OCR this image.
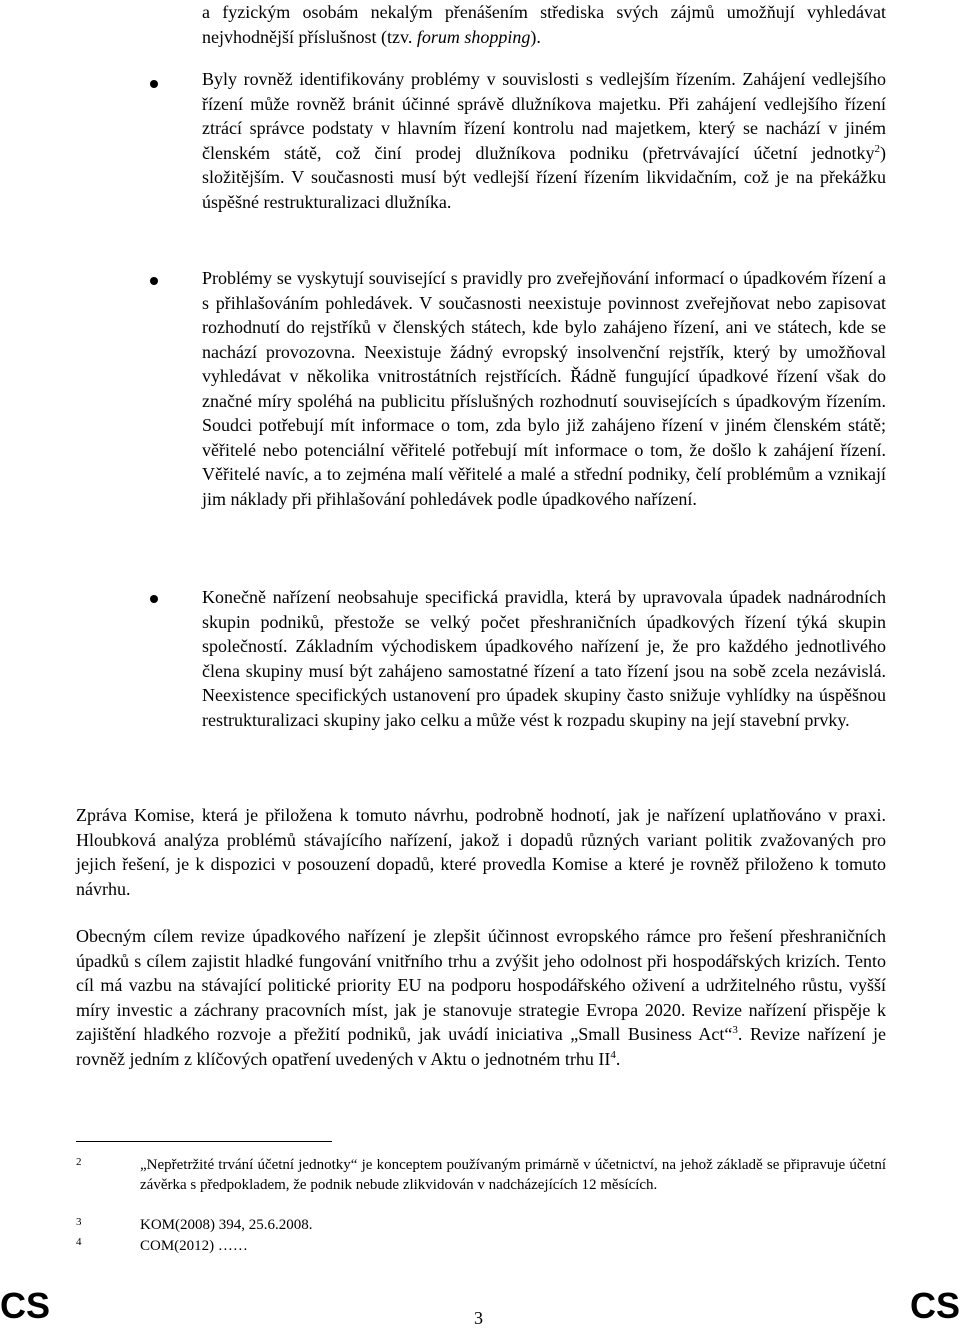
a fyzickým osobám nekalým přenášením střediska svých zájmů umožňují vyhledávat nejvhodnější příslušnost (tzv. forum shopping).

Byly rovněž identifikovány problémy v souvislosti s vedlejším řízením. Zahájení vedlejšího řízení může rovněž bránit účinné správě dlužníkova majetku. Při zahájení vedlejšího řízení ztrácí správce podstaty v hlavním řízení kontrolu nad majetkem, který se nachází v jiném členském státě, což činí prodej dlužníkova podniku (přetrvávající účetní jednotky$^2$) složitějším. V současnosti musí být vedlejší řízení řízením likvidačním, což je na překážku úspěšné restrukturalizaci dlužníka.

Problémy se vyskytují související s pravidly pro zveřejňování informací o úpadkovém řízení a s přihlašováním pohledávek. V současnosti neexistuje povinnost zveřejňovat nebo zapisovat rozhodnutí do rejstříků v členských státech, kde bylo zahájeno řízení, ani ve státech, kde se nachází provozovna. Neexistuje žádný evropský insolvenční rejstřík, který by umožňoval vyhledávat v několika vnitrostátních rejstřících. Řádně fungující úpadkové řízení však do značné míry spoléhá na publicitu příslušných rozhodnutí souvisejících s úpadkovým řízením. Soudci potřebují mít informace o tom, zda bylo již zahájeno řízení v jiném členském státě; věřitelé nebo potenciální věřitelé potřebují mít informace o tom, že došlo k zahájení řízení. Věřitelé navíc, a to zejména malí věřitelé a malé a střední podniky, čelí problémům a vznikají jim náklady při přihlašování pohledávek podle úpadkového nařízení.

Konečně nařízení neobsahuje specifická pravidla, která by upravovala úpadek nadnárodních skupin podniků, přestože se velký počet přeshraničních úpadkových řízení týká skupin společností. Základním východiskem úpadkového nařízení je, že pro každého jednotlivého člena skupiny musí být zahájeno samostatné řízení a tato řízení jsou na sobě zcela nezávislá. Neexistence specifických ustanovení pro úpadek skupiny často snižuje vyhlídky na úspěšnou restrukturalizaci skupiny jako celku a může vést k rozpadu skupiny na její stavební prvky.

Zpráva Komise, která je přiložena k tomuto návrhu, podrobně hodnotí, jak je nařízení uplatňováno v praxi. Hloubková analýza problémů stávajícího nařízení, jakož i dopadů různých variant politik zvažovaných pro jejich řešení, je k dispozici v posouzení dopadů, které provedla Komise a které je rovněž přiloženo k tomuto návrhu.

Obecným cílem revize úpadkového nařízení je zlepšit účinnost evropského rámce pro řešení přeshraničních úpadků s cílem zajistit hladké fungování vnitřního trhu a zvýšit jeho odolnost při hospodářských krizích. Tento cíl má vazbu na stávající politické priority EU na podporu hospodářského oživení a udržitelného růstu, vyšší míry investic a záchrany pracovních míst, jak je stanovuje strategie Evropa 2020. Revize nařízení přispěje k zajištění hladkého rozvoje a přežití podniků, jak uvádí iniciativa „Small Business Act“$^3$. Revize nařízení je rovněž jedním z klíčových opatření uvedených v Aktu o jednotném trhu $II^4$.

2	„Nepřetržité trvání účetní jednotky“ je konceptem používaným primárně v účetnictví, na jehož základě se připravuje účetní závěrka s předpokladem, že podnik nebude zlikvidován v nadcházejících 12 měsících.

3	KOM(2008) 394, 25.6.2008.

4	COM(2012) ……

CS	3	CS
